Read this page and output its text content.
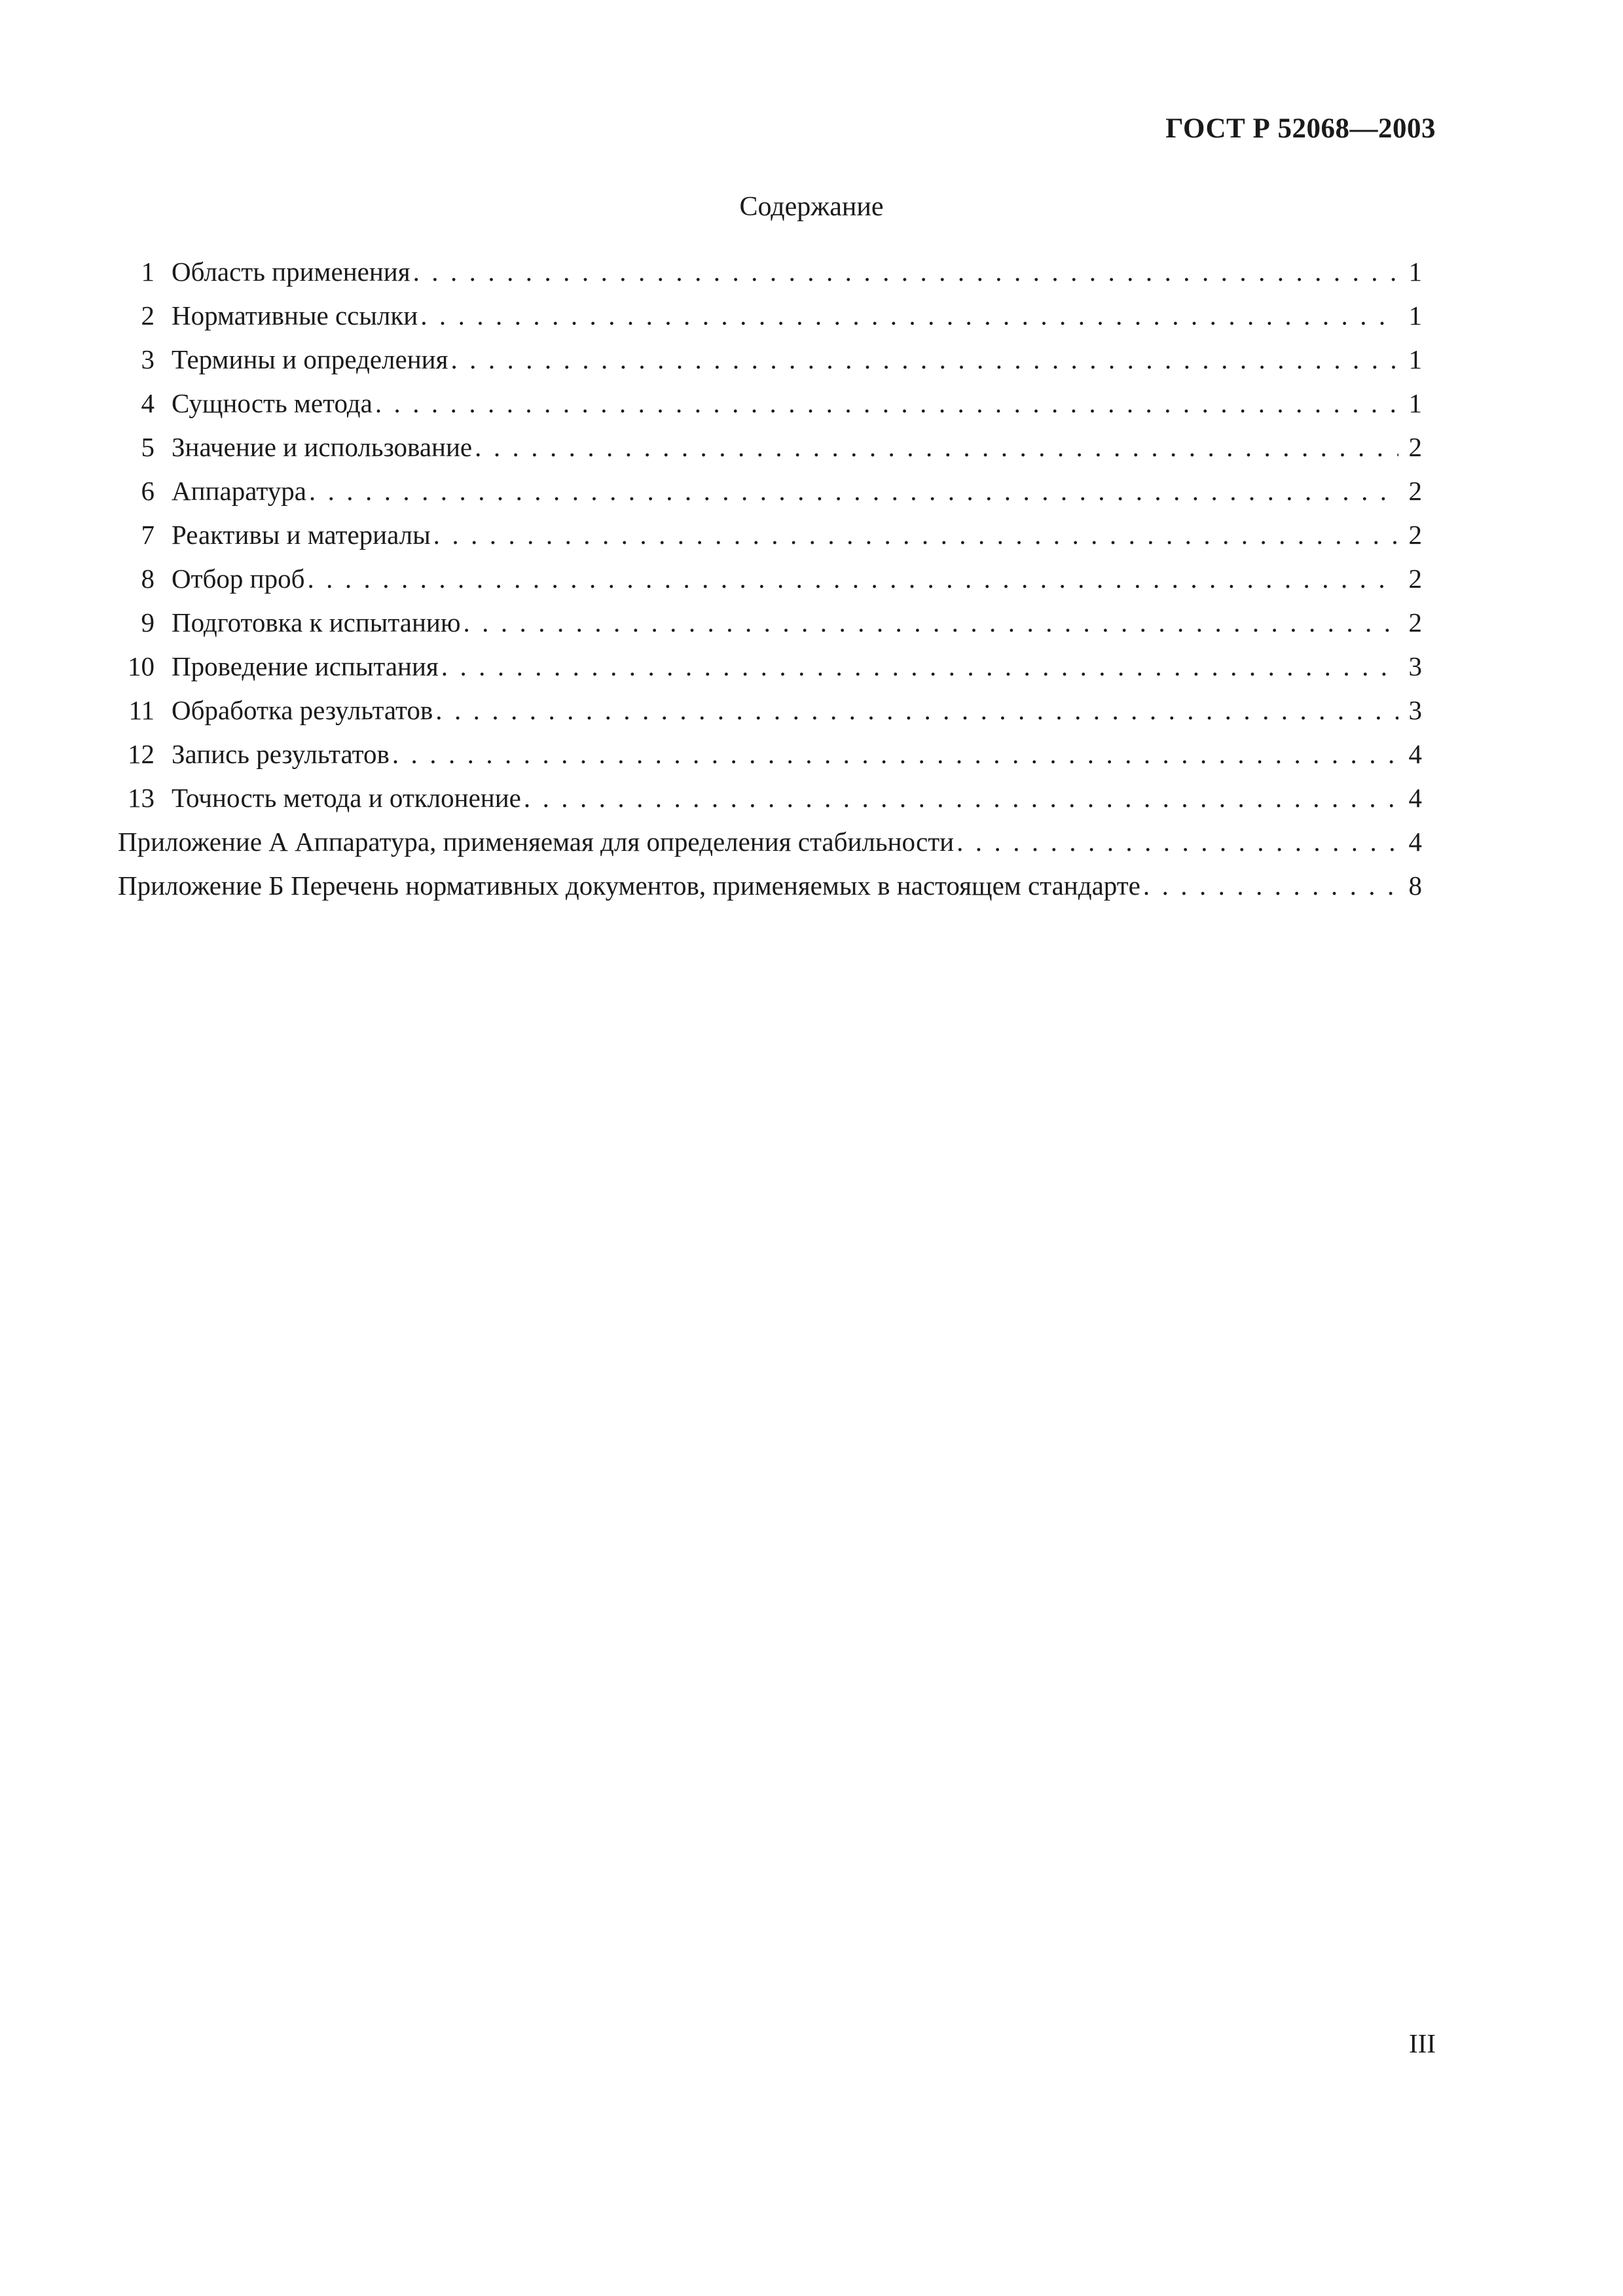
ГОСТ Р 52068—2003
Содержание
1 Область применения . . .	1
2 Нормативные ссылки . . .	1
3 Термины и определения . . .	1
4 Сущность метода . . .	1
5 Значение и использование . . .	2
6 Аппаратура . . .	2
7 Реактивы и материалы . . .	2
8 Отбор проб . . .	2
9 Подготовка к испытанию . . .	2
10 Проведение испытания . . .	3
11 Обработка результатов . . .	3
12 Запись результатов . . .	4
13 Точность метода и отклонение . . .	4
Приложение А Аппаратура, применяемая для определения стабильности . . .	4
Приложение Б Перечень нормативных документов, применяемых в настоящем стандарте . . .	8
III
